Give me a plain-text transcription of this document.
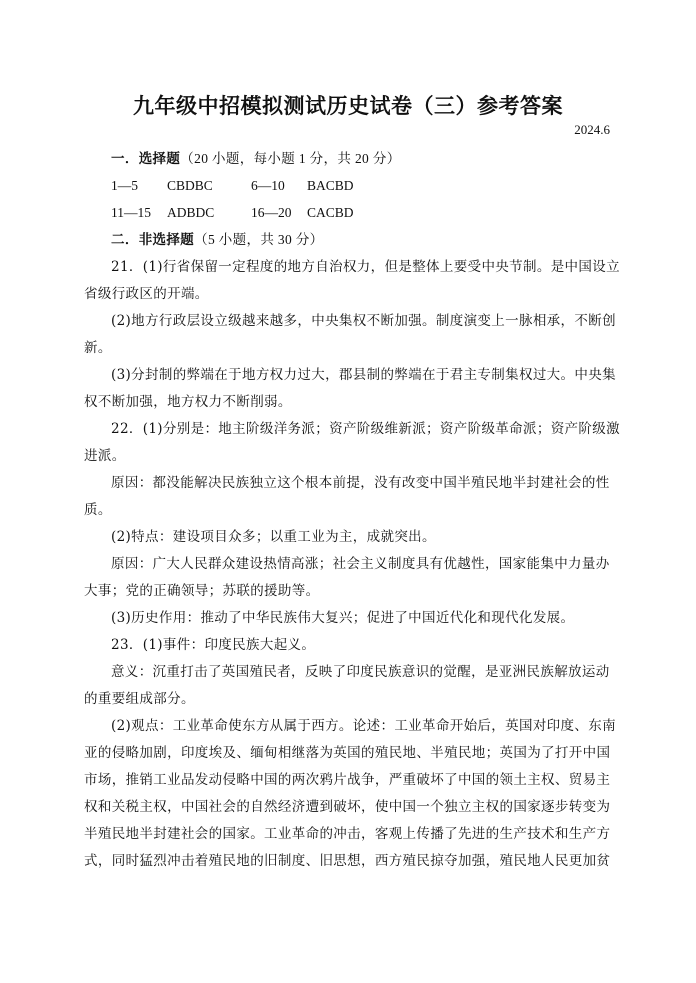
九年级中招模拟测试历史试卷（三）参考答案
2024.6
一．选择题（20 小题，每小题 1 分，共 20 分）
1—5 CBDBC	6—10 BACBD
11—15 ADBDC	16—20 CACBD
二．非选择题（5 小题，共 30 分）
21．(1)行省保留一定程度的地方自治权力，但是整体上要受中央节制。是中国设立
省级行政区的开端。
(2)地方行政层设立级越来越多，中央集权不断加强。制度演变上一脉相承，不断创
新。
(3)分封制的弊端在于地方权力过大，郡县制的弊端在于君主专制集权过大。中央集
权不断加强，地方权力不断削弱。
22．(1)分别是：地主阶级洋务派；资产阶级维新派；资产阶级革命派；资产阶级激
进派。
原因：都没能解决民族独立这个根本前提，没有改变中国半殖民地半封建社会的性
质。
(2)特点：建设项目众多；以重工业为主，成就突出。
原因：广大人民群众建设热情高涨；社会主义制度具有优越性，国家能集中力量办
大事；党的正确领导；苏联的援助等。
(3)历史作用：推动了中华民族伟大复兴；促进了中国近代化和现代化发展。
23．(1)事件：印度民族大起义。
意义：沉重打击了英国殖民者，反映了印度民族意识的觉醒，是亚洲民族解放运动
的重要组成部分。
(2)观点：工业革命使东方从属于西方。论述：工业革命开始后，英国对印度、东南
亚的侵略加剧，印度埃及、缅甸相继落为英国的殖民地、半殖民地；英国为了打开中国
市场，推销工业品发动侵略中国的两次鸦片战争，严重破坏了中国的领土主权、贸易主
权和关税主权，中国社会的自然经济遭到破坏，使中国一个独立主权的国家逐步转变为
半殖民地半封建社会的国家。工业革命的冲击，客观上传播了先进的生产技术和生产方
式，同时猛烈冲击着殖民地的旧制度、旧思想，西方殖民掠夺加强，殖民地人民更加贫
